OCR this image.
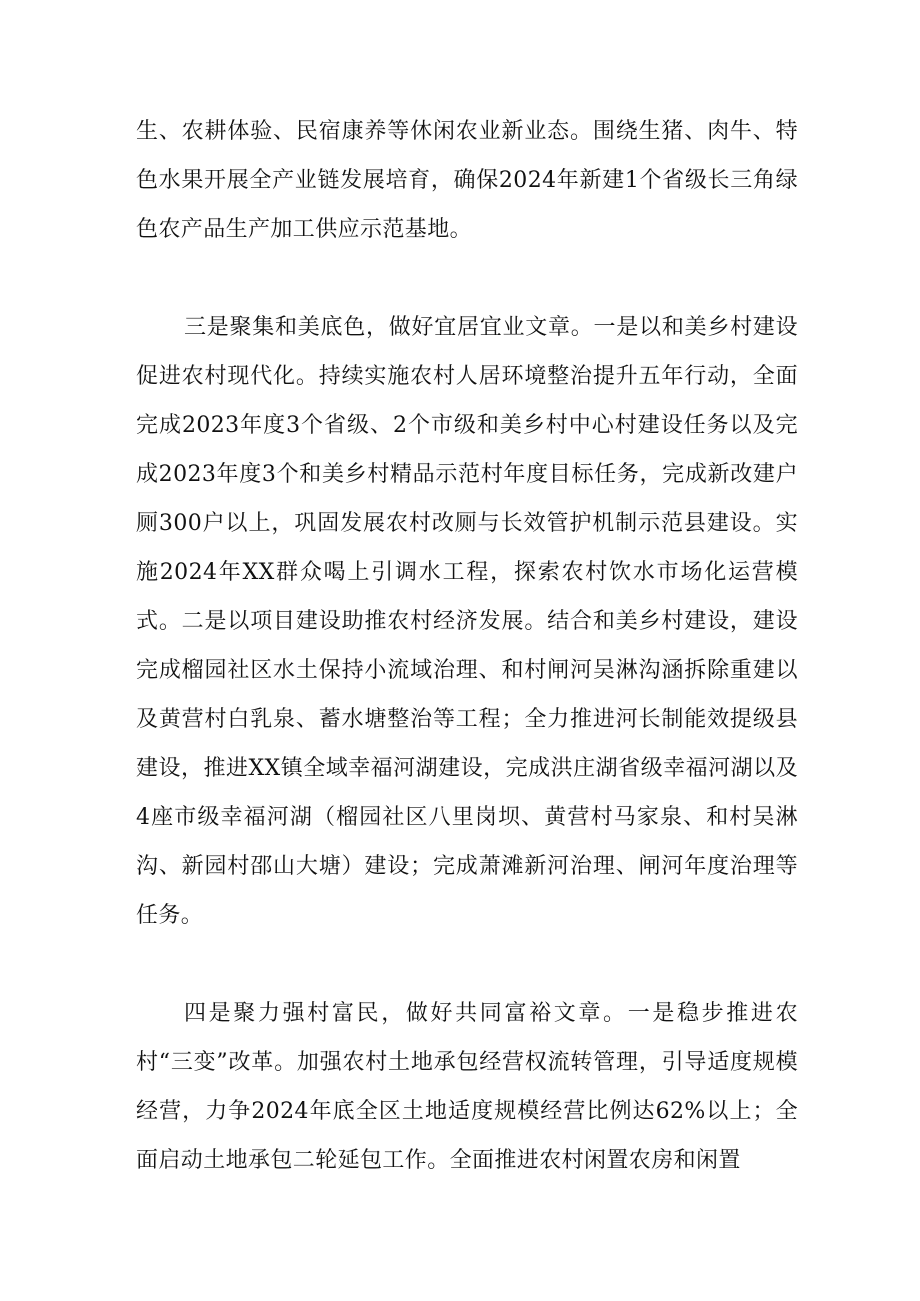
生、农耕体验、民宿康养等休闲农业新业态。围绕生猪、肉牛、特色水果开展全产业链发展培育，确保2024年新建1个省级长三角绿色农产品生产加工供应示范基地。

三是聚集和美底色，做好宜居宜业文章。一是以和美乡村建设促进农村现代化。持续实施农村人居环境整治提升五年行动，全面完成2023年度3个省级、2个市级和美乡村中心村建设任务以及完成2023年度3个和美乡村精品示范村年度目标任务，完成新改建户厕300户以上，巩固发展农村改厕与长效管护机制示范县建设。实施2024年XX群众喝上引调水工程，探索农村饮水市场化运营模式。二是以项目建设助推农村经济发展。结合和美乡村建设，建设完成榴园社区水土保持小流域治理、和村闸河吴淋沟涵拆除重建以及黄营村白乳泉、蓄水塘整治等工程；全力推进河长制能效提级县建设，推进XX镇全域幸福河湖建设，完成洪庄湖省级幸福河湖以及4座市级幸福河湖（榴园社区八里岗坝、黄营村马家泉、和村吴淋沟、新园村邵山大塘）建设；完成萧滩新河治理、闸河年度治理等任务。

四是聚力强村富民，做好共同富裕文章。一是稳步推进农村“三变”改革。加强农村土地承包经营权流转管理，引导适度规模经营，力争2024年底全区土地适度规模经营比例达62%以上；全面启动土地承包二轮延包工作。全面推进农村闲置农房和闲置
